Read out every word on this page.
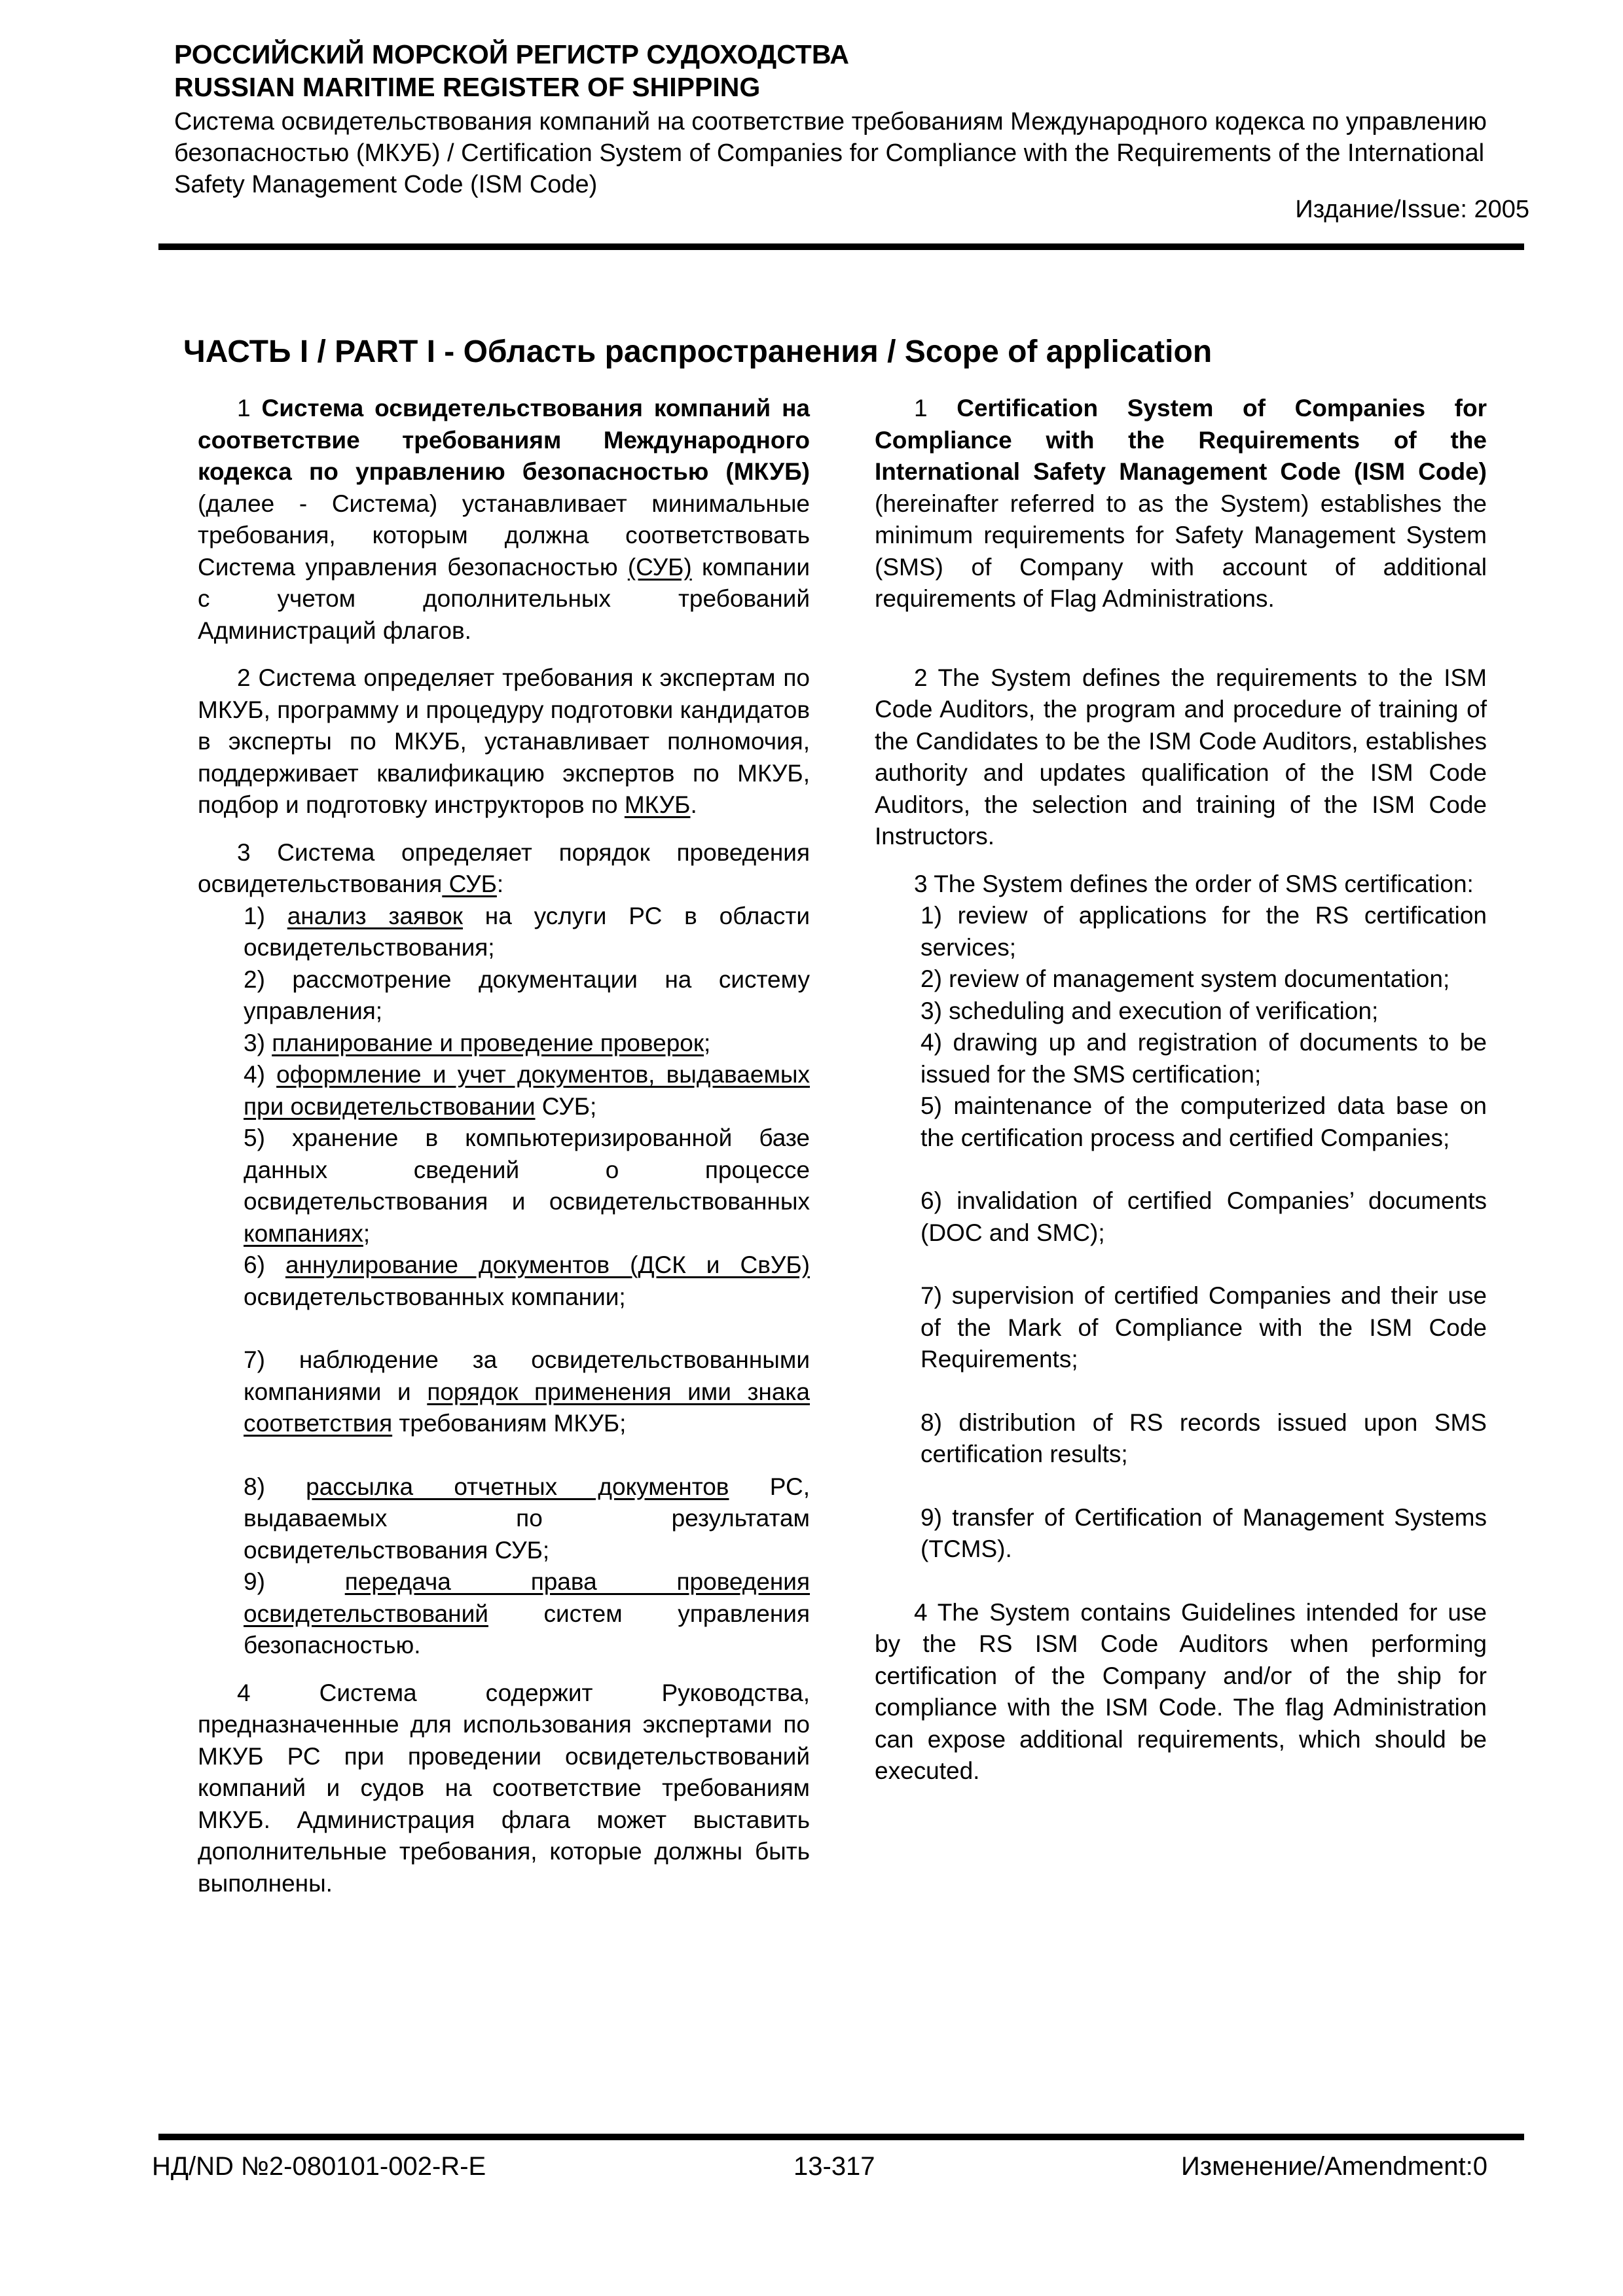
РОССИЙСКИЙ МОРСКОЙ РЕГИСТР СУДОХОДСТВА
RUSSIAN MARITIME REGISTER OF SHIPPING
Система освидетельствования компаний на соответствие требованиям Международного кодекса по управлению безопасностью (МКУБ) / Certification System of Companies for Compliance with the Requirements of the International Safety Management Code (ISM Code)
Издание/Issue: 2005
ЧАСТЬ I / PART I - Область распространения / Scope of application

1 Система освидетельствования компаний на соответствие требованиям Международного кодекса по управлению безопасностью (МКУБ) (далее - Система) устанавливает минимальные требования, которым должна соответствовать Система управления безопасностью (СУБ) компании с учетом дополнительных требований Администраций флагов.

2 Система определяет требования к экспертам по МКУБ, программу и процедуру подготовки кандидатов в эксперты по МКУБ, устанавливает полномочия, поддерживает квалификацию экспертов по МКУБ, подбор и подготовку инструкторов по МКУБ.

3 Система определяет порядок проведения освидетельствования СУБ:

1) анализ заявок на услуги РС в области освидетельствования;

2) рассмотрение документации на систему управления;

3) планирование и проведение проверок;

4) оформление и учет документов, выдаваемых при освидетельствовании СУБ;

5) хранение в компьютеризированной базе данных сведений о процессе освидетельствования и освидетельствованных компаниях;

6) аннулирование документов (ДСК и СвУБ) освидетельствованных компании;

7) наблюдение за освидетельствованными компаниями и порядок применения ими знака соответствия требованиям МКУБ;

8) рассылка отчетных документов РС, выдаваемых по результатам освидетельствования СУБ;

9) передача права проведения освидетельствований систем управления безопасностью.

4 Система содержит Руководства, предназначенные для использования экспертами по МКУБ РС при проведении освидетельствований компаний и судов на соответствие требованиям МКУБ. Администрация флага может выставить дополнительные требования, которые должны быть выполнены.

1 Certification System of Companies for Compliance with the Requirements of the International Safety Management Code (ISM Code) (hereinafter referred to as the System) establishes the minimum requirements for Safety Management System (SMS) of Company with account of additional requirements of Flag Administrations.

2 The System defines the requirements to the ISM Code Auditors, the program and procedure of training of the Candidates to be the ISM Code Auditors, establishes authority and updates qualification of the ISM Code Auditors, the selection and training of the ISM Code Instructors.

3 The System defines the order of SMS certification:

1) review of applications for the RS certification services;

2) review of management system documentation;

3) scheduling and execution of verification;

4) drawing up and registration of documents to be issued for the SMS certification;

5) maintenance of the computerized data base on the certification process and certified Companies;

6) invalidation of certified Companies’ documents (DOC and SMC);

7) supervision of certified Companies and their use of the Mark of Compliance with the ISM Code Requirements;

8) distribution of RS records issued upon SMS certification results;

9) transfer of Certification of Management Systems (TCMS).

4 The System contains Guidelines intended for use by the RS ISM Code Auditors when performing certification of the Company and/or of the ship for compliance with the ISM Code. The flag Administration can expose additional requirements, which should be executed.

НД/ND №2-080101-002-R-E	13-317	Изменение/Amendment:0
